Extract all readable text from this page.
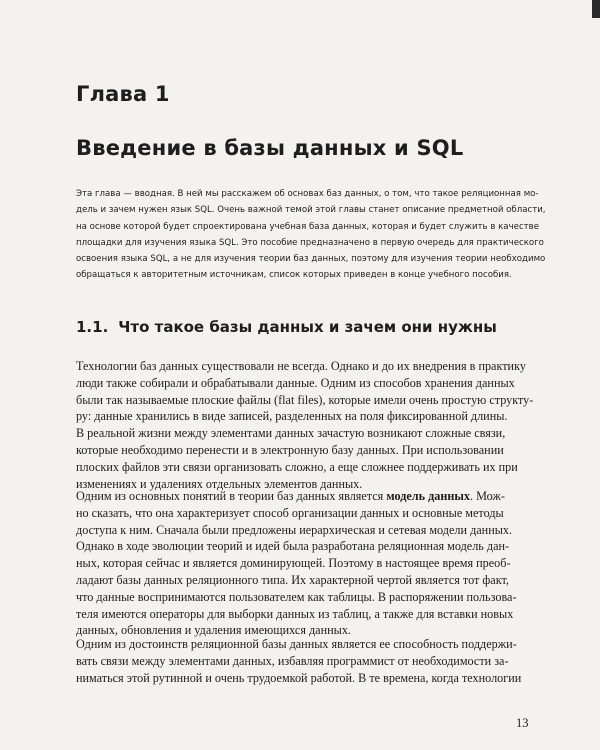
Глава 1
Введение в базы данных и SQL
Эта глава — вводная. В ней мы расскажем об основах баз данных, о том, что такое реляционная мо-
дель и зачем нужен язык SQL. Очень важной темой этой главы станет описание предметной области,
на основе которой будет спроектирована учебная база данных, которая и будет служить в качестве
площадки для изучения языка SQL. Это пособие предназначено в первую очередь для практического
освоения языка SQL, а не для изучения теории баз данных, поэтому для изучения теории необходимо
обращаться к авторитетным источникам, список которых приведен в конце учебного пособия.
1.1. Что такое базы данных и зачем они нужны
Технологии баз данных существовали не всегда. Однако и до их внедрения в практику
люди также собирали и обрабатывали данные. Одним из способов хранения данных
были так называемые плоские файлы (flat files), которые имели очень простую структу-
ру: данные хранились в виде записей, разделенных на поля фиксированной длины.
В реальной жизни между элементами данных зачастую возникают сложные связи,
которые необходимо перенести и в электронную базу данных. При использовании
плоских файлов эти связи организовать сложно, а еще сложнее поддерживать их при
изменениях и удалениях отдельных элементов данных.
Одним из основных понятий в теории баз данных является модель данных. Мож-
но сказать, что она характеризует способ организации данных и основные методы
доступа к ним. Сначала были предложены иерархическая и сетевая модели данных.
Однако в ходе эволюции теорий и идей была разработана реляционная модель дан-
ных, которая сейчас и является доминирующей. Поэтому в настоящее время преоб-
ладают базы данных реляционного типа. Их характерной чертой является тот факт,
что данные воспринимаются пользователем как таблицы. В распоряжении пользова-
теля имеются операторы для выборки данных из таблиц, а также для вставки новых
данных, обновления и удаления имеющихся данных.
Одним из достоинств реляционной базы данных является ее способность поддержи-
вать связи между элементами данных, избавляя программист от необходимости за-
ниматься этой рутинной и очень трудоемкой работой. В те времена, когда технологии
13
